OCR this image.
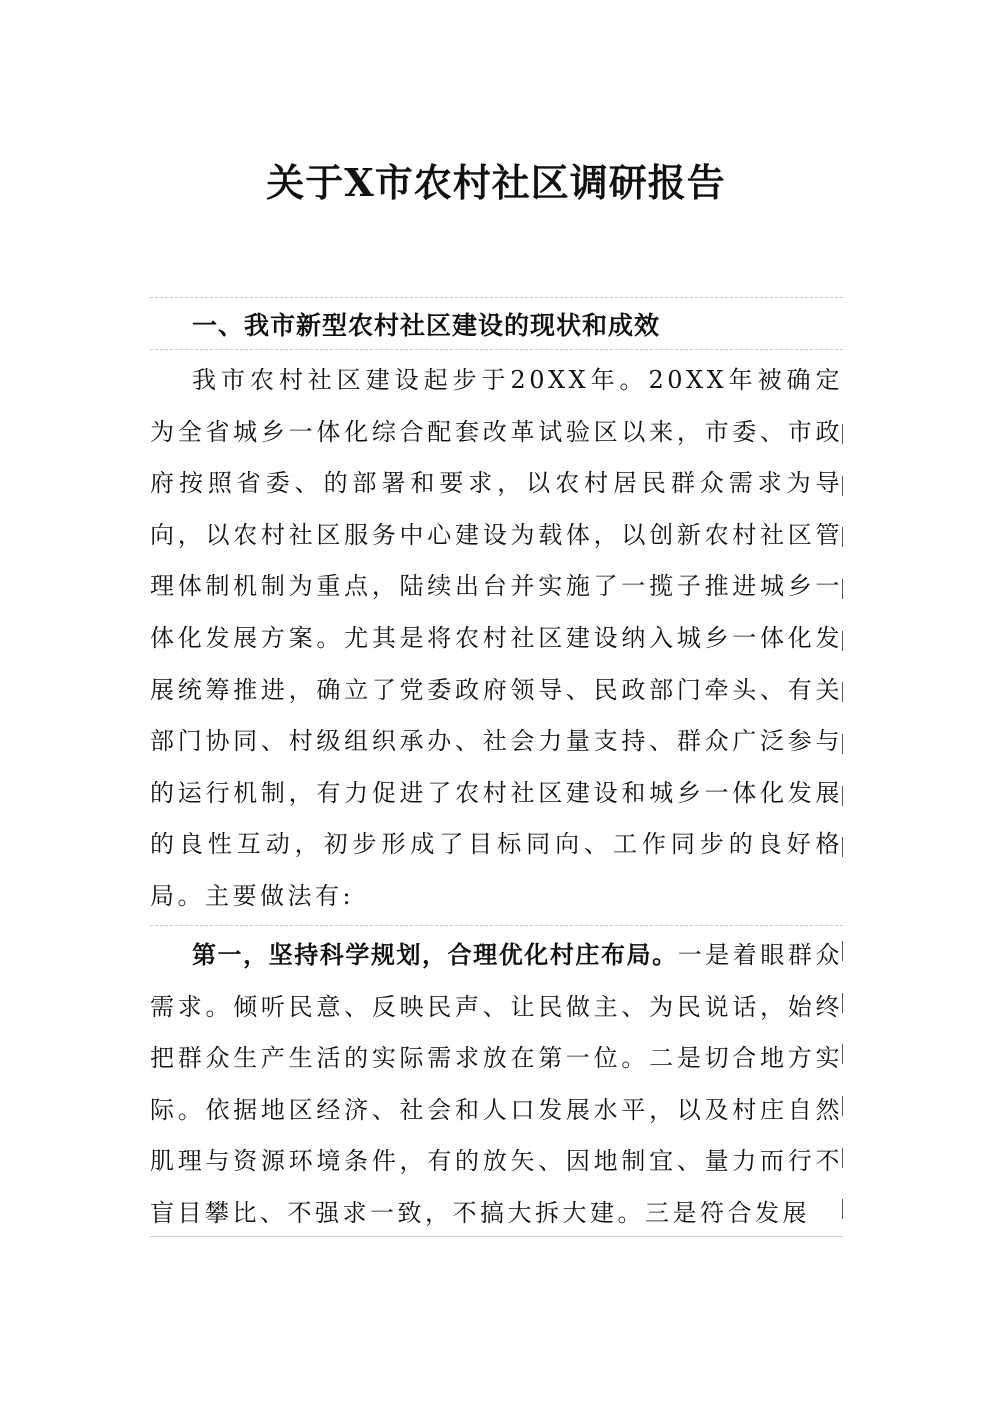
关于X市农村社区调研报告
一、我市新型农村社区建设的现状和成效

我市农村社区建设起步于20XX年。20XX年被确定为全省城乡一体化综合配套改革试验区以来，市委、市政府按照省委、的部署和要求，以农村居民群众需求为导向，以农村社区服务中心建设为载体，以创新农村社区管理体制机制为重点，陆续出台并实施了一揽子推进城乡一体化发展方案。尤其是将农村社区建设纳入城乡一体化发展统筹推进，确立了党委政府领导、民政部门牵头、有关部门协同、村级组织承办、社会力量支持、群众广泛参与的运行机制，有力促进了农村社区建设和城乡一体化发展的良性互动，初步形成了目标同向、工作同步的良好格局。主要做法有:

第一，坚持科学规划，合理优化村庄布局。一是着眼群众需求。倾听民意、反映民声、让民做主、为民说话，始终把群众生产生活的实际需求放在第一位。二是切合地方实际。依据地区经济、社会和人口发展水平，以及村庄自然肌理与资源环境条件，有的放矢、因地制宜、量力而行不盲目攀比、不强求一致，不搞大拆大建。三是符合发展
